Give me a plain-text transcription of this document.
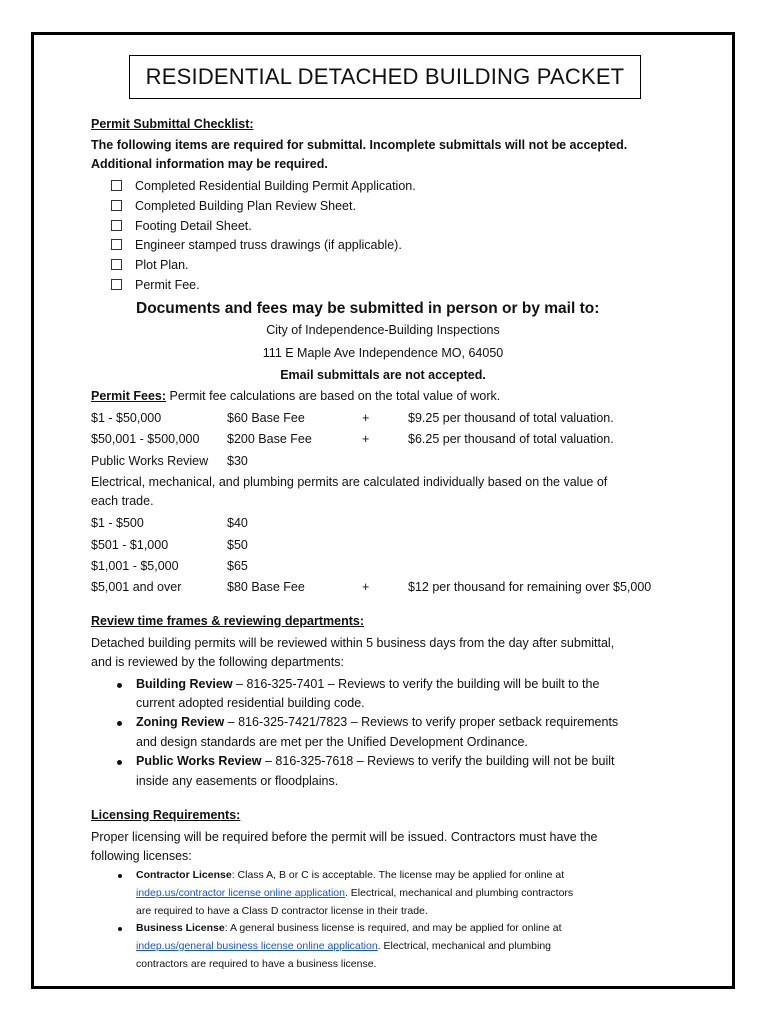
RESIDENTIAL DETACHED BUILDING PACKET
Permit Submittal Checklist:
The following items are required for submittal. Incomplete submittals will not be accepted.
Additional information may be required.
Completed Residential Building Permit Application.
Completed Building Plan Review Sheet.
Footing Detail Sheet.
Engineer stamped truss drawings (if applicable).
Plot Plan.
Permit Fee.
Documents and fees may be submitted in person or by mail to:
City of Independence-Building Inspections
111 E Maple Ave Independence MO, 64050
Email submittals are not accepted.
Permit Fees: Permit fee calculations are based on the total value of work.
$1 - $50,000	$60 Base Fee	+	$9.25 per thousand of total valuation.
$50,001 - $500,000 $200 Base Fee	+	$6.25 per thousand of total valuation.
Public Works Review $30
Electrical, mechanical, and plumbing permits are calculated individually based on the value of
each trade.
$1 - $500	$40
$501 - $1,000	$50
$1,001 - $5,000	$65
$5,001 and over	$80 Base Fee	+	$12 per thousand for remaining over $5,000
Review time frames & reviewing departments:
Detached building permits will be reviewed within 5 business days from the day after submittal,
and is reviewed by the following departments:
Building Review – 816-325-7401 – Reviews to verify the building will be built to the
current adopted residential building code.
Zoning Review – 816-325-7421/7823 – Reviews to verify proper setback requirements
and design standards are met per the Unified Development Ordinance.
Public Works Review – 816-325-7618 – Reviews to verify the building will not be built
inside any easements or floodplains.
Licensing Requirements:
Proper licensing will be required before the permit will be issued. Contractors must have the
following licenses:
Contractor License: Class A, B or C is acceptable. The license may be applied for online at
indep.us/contractor license online application. Electrical, mechanical and plumbing contractors
are required to have a Class D contractor license in their trade.
Business License: A general business license is required, and may be applied for online at
indep.us/general business license online application. Electrical, mechanical and plumbing
contractors are required to have a business license.
